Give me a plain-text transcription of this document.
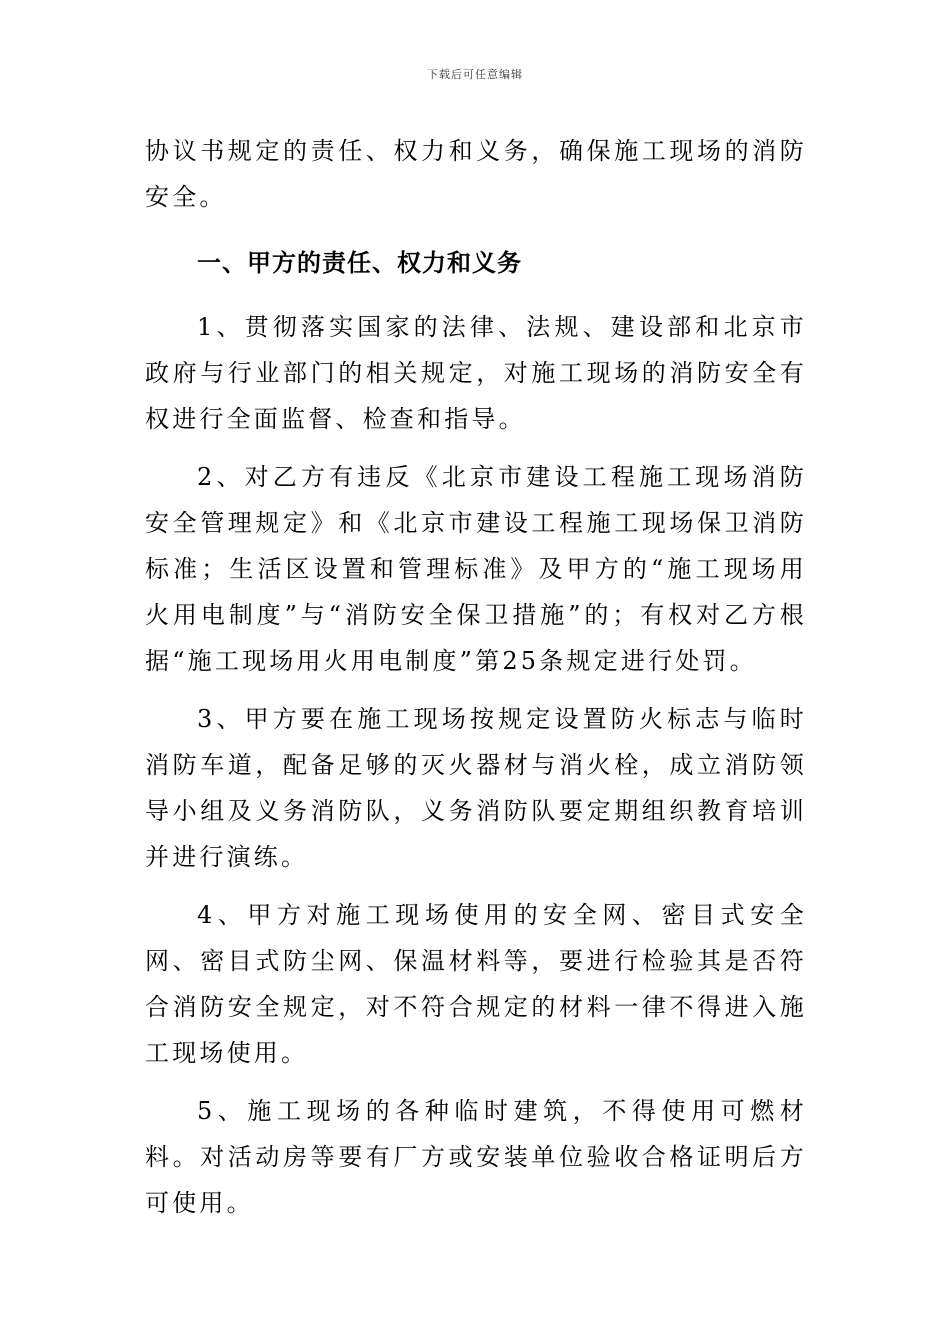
下载后可任意编辑

协议书规定的责任、权力和义务，确保施工现场的消防安全。

一、甲方的责任、权力和义务

1、贯彻落实国家的法律、法规、建设部和北京市政府与行业部门的相关规定，对施工现场的消防安全有权进行全面监督、检查和指导。

2、对乙方有违反《北京市建设工程施工现场消防安全管理规定》和《北京市建设工程施工现场保卫消防标准；生活区设置和管理标准》及甲方的“施工现场用火用电制度”与“消防安全保卫措施”的；有权对乙方根据“施工现场用火用电制度”第25条规定进行处罚。

3、甲方要在施工现场按规定设置防火标志与临时消防车道，配备足够的灭火器材与消火栓，成立消防领导小组及义务消防队，义务消防队要定期组织教育培训并进行演练。

4、甲方对施工现场使用的安全网、密目式安全网、密目式防尘网、保温材料等，要进行检验其是否符合消防安全规定，对不符合规定的材料一律不得进入施工现场使用。

5、施工现场的各种临时建筑，不得使用可燃材料。对活动房等要有厂方或安装单位验收合格证明后方可使用。
